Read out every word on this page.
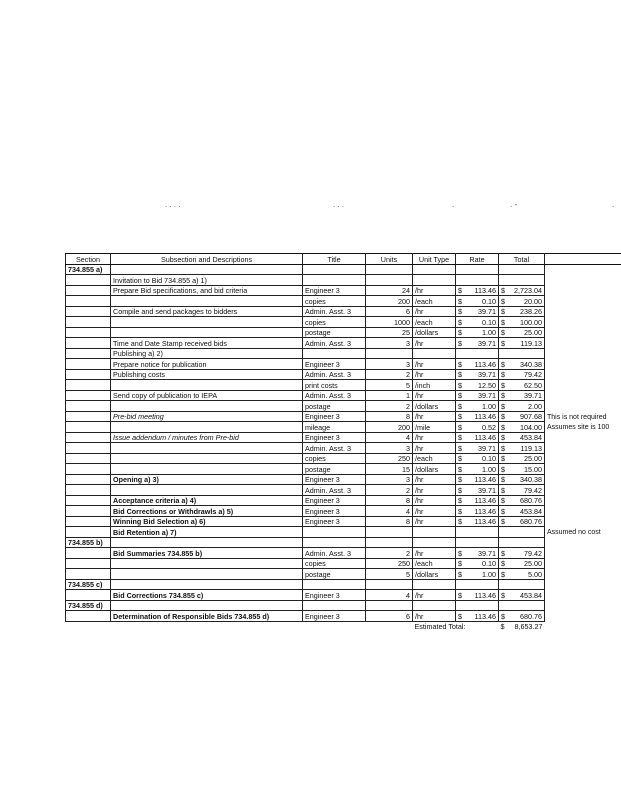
. . . .	. . .	.	. -	.
Section	Subsection and Descriptions	Title	Units	Unit Type	Rate	Total	
734.855 a)					

	Invitation to Bid 734.855 a) 1)				

	Prepare Bid specifications, and bid criteria	Engineer 3	24	/hr	$ 113.46	$ 2,723.04	

		copies	200	/each	$ 0.10	$ 20.00	

	Compile and send packages to bidders	Admin. Asst. 3	6	/hr	$ 39.71	$ 238.26	

		copies	1000	/each	$ 0.10	$ 100.00	

		postage	25	/dollars	$ 1.00	$ 25.00	

	Time and Date Stamp received bids	Admin. Asst. 3	3	/hr	$ 39.71	$ 119.13	

	Publishing a) 2)				

	Prepare notice for publication	Engineer 3	3	/hr	$ 113.46	$ 340.38	

	Publishing costs	Admin. Asst. 3	2	/hr	$ 39.71	$ 79.42	

		print costs	5	/inch	$ 12.50	$ 62.50	

	Send copy of publication to IEPA	Admin. Asst. 3	1	/hr	$ 39.71	$ 39.71	

		postage	2	/dollars	$ 1.00	$ 2.00	

	Pre-bid meeting	Engineer 3	8	/hr	$ 113.46	$ 907.68	This is not required
		mileage	200	/mile	$ 0.52	$ 104.00	Assumes site is 100
	Issue addendum / minutes from Pre-bid	Engineer 3	4	/hr	$ 113.46	$ 453.84	

		Admin. Asst. 3	3	/hr	$ 39.71	$ 119.13	

		copies	250	/each	$ 0.10	$ 25.00	

		postage	15	/dollars	$ 1.00	$ 15.00	

	Opening a) 3)	Engineer 3	3	/hr	$ 113.46	$ 340.38	

		Admin. Asst. 3	2	/hr	$ 39.71	$ 79.42	

	Acceptance criteria a) 4)	Engineer 3	8	/hr	$ 113.46	$ 680.76	

	Bid Corrections or Withdrawls a) 5)	Engineer 3	4	/hr	$ 113.46	$ 453.84	

	Winning Bid Selection a) 6)	Engineer 3	8	/hr	$ 113.46	$ 680.76	

	Bid Retention a) 7)						Assumed no cost
734.855 b)					

	Bid Summaries 734.855 b)	Admin. Asst. 3	2	/hr	$ 39.71	$ 79.42	

		copies	250	/each	$ 0.10	$ 25.00	

		postage	5	/dollars	$ 1.00	$ 5.00	

734.855 c)					

	Bid Corrections 734.855 c)	Engineer 3	4	/hr	$ 113.46	$ 453.84	

734.855 d)					

	Determination of Responsible Bids 734.855 d)	Engineer 3	6	/hr	$ 113.46	$ 680.76	

				Estimated Total:		$ 8,653.27	
